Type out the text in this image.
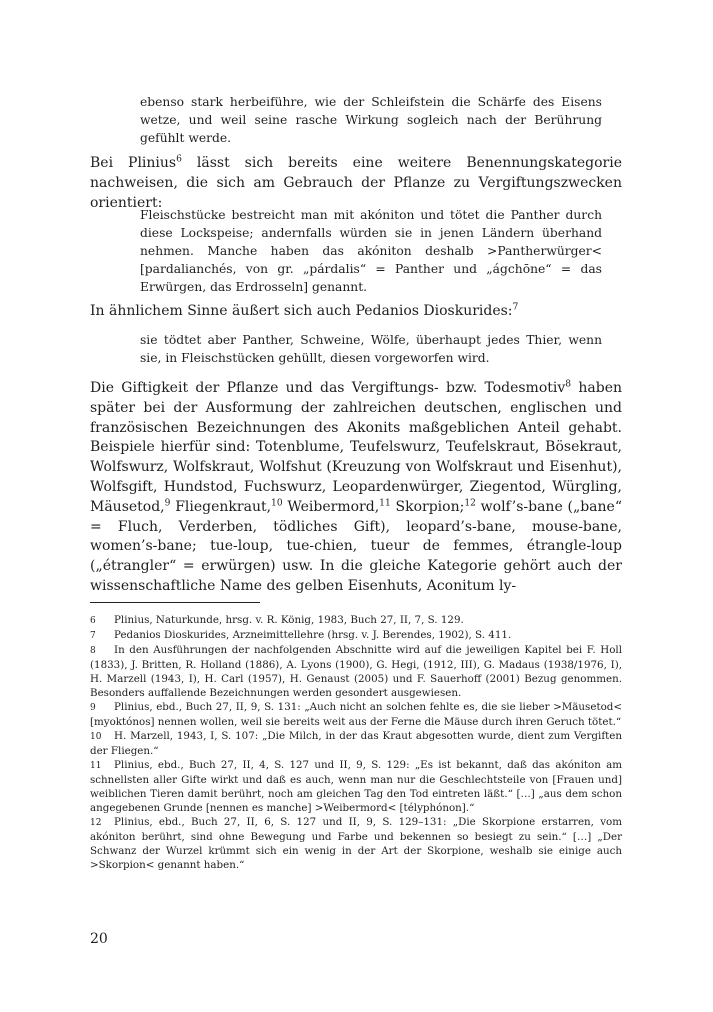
ebenso stark herbeiführe, wie der Schleifstein die Schärfe des Eisens wetze, und weil seine rasche Wirkung sogleich nach der Berührung gefühlt werde.
Bei Plinius$^6$ lässt sich bereits eine weitere Benennungskategorie nachweisen, die sich am Gebrauch der Pflanze zu Vergiftungszwecken orientiert:
Fleischstücke bestreicht man mit akóniton und tötet die Panther durch diese Lockspeise; andernfalls würden sie in jenen Ländern überhand nehmen. Manche haben das akóniton deshalb >Pantherwürger< [pardalianchés, von gr. „párdalis“ = Panther und „ágchōne“ = das Erwürgen, das Erdrosseln] genannt.
In ähnlichem Sinne äußert sich auch Pedanios Dioskurides:$^7$
sie tödtet aber Panther, Schweine, Wölfe, überhaupt jedes Thier, wenn sie, in Fleischstücken gehüllt, diesen vorgeworfen wird.
Die Giftigkeit der Pflanze und das Vergiftungs- bzw. Todesmotiv$^8$ haben später bei der Ausformung der zahlreichen deutschen, englischen und französischen Bezeichnungen des Akonits maßgeblichen Anteil gehabt. Beispiele hierfür sind: Totenblume, Teufelswurz, Teufelskraut, Bösekraut, Wolfswurz, Wolfskraut, Wolfshut (Kreuzung von Wolfskraut und Eisenhut), Wolfsgift, Hundstod, Fuchswurz, Leopardenwürger, Ziegentod, Würgling, Mäusetod,$^9$ Fliegenkraut,$^{10}$ Weibermord,$^{11}$ Skorpion;$^{12}$ wolf’s-bane („bane“ = Fluch, Verderben, tödliches Gift), leopard’s-bane, mouse-bane, women’s-bane; tue-loup, tue-chien, tueur de femmes, étrangle-loup („étrangler“ = erwürgen) usw. In die gleiche Kategorie gehört auch der wissenschaftliche Name des gelben Eisenhuts, Aconitum ly-
6 Plinius, Naturkunde, hrsg. v. R. König, 1983, Buch 27, II, 7, S. 129.
7 Pedanios Dioskurides, Arzneimittellehre (hrsg. v. J. Berendes, 1902), S. 411.
8 In den Ausführungen der nachfolgenden Abschnitte wird auf die jeweiligen Kapitel bei F. Holl (1833), J. Britten, R. Holland (1886), A. Lyons (1900), G. Hegi, (1912, III), G. Madaus (1938/1976, I), H. Marzell (1943, I), H. Carl (1957), H. Genaust (2005) und F. Sauerhoff (2001) Bezug genommen. Besonders auffallende Bezeichnungen werden gesondert ausgewiesen.
9 Plinius, ebd., Buch 27, II, 9, S. 131: „Auch nicht an solchen fehlte es, die sie lieber >Mäusetod< [myoktónos] nennen wollen, weil sie bereits weit aus der Ferne die Mäuse durch ihren Geruch tötet.“
10 H. Marzell, 1943, I, S. 107: „Die Milch, in der das Kraut abgesotten wurde, dient zum Vergiften der Fliegen.“
11 Plinius, ebd., Buch 27, II, 4, S. 127 und II, 9, S. 129: „Es ist bekannt, daß das akóniton am schnellsten aller Gifte wirkt und daß es auch, wenn man nur die Geschlechtsteile von [Frauen und] weiblichen Tieren damit berührt, noch am gleichen Tag den Tod eintreten läßt.“ […] „aus dem schon angegebenen Grunde [nennen es manche] >Weibermord< [télyphónon].“
12 Plinius, ebd., Buch 27, II, 6, S. 127 und II, 9, S. 129–131: „Die Skorpione erstarren, vom akóniton berührt, sind ohne Bewegung und Farbe und bekennen so besiegt zu sein.“ […] „Der Schwanz der Wurzel krümmt sich ein wenig in der Art der Skorpione, weshalb sie einige auch >Skorpion< genannt haben.“
20
